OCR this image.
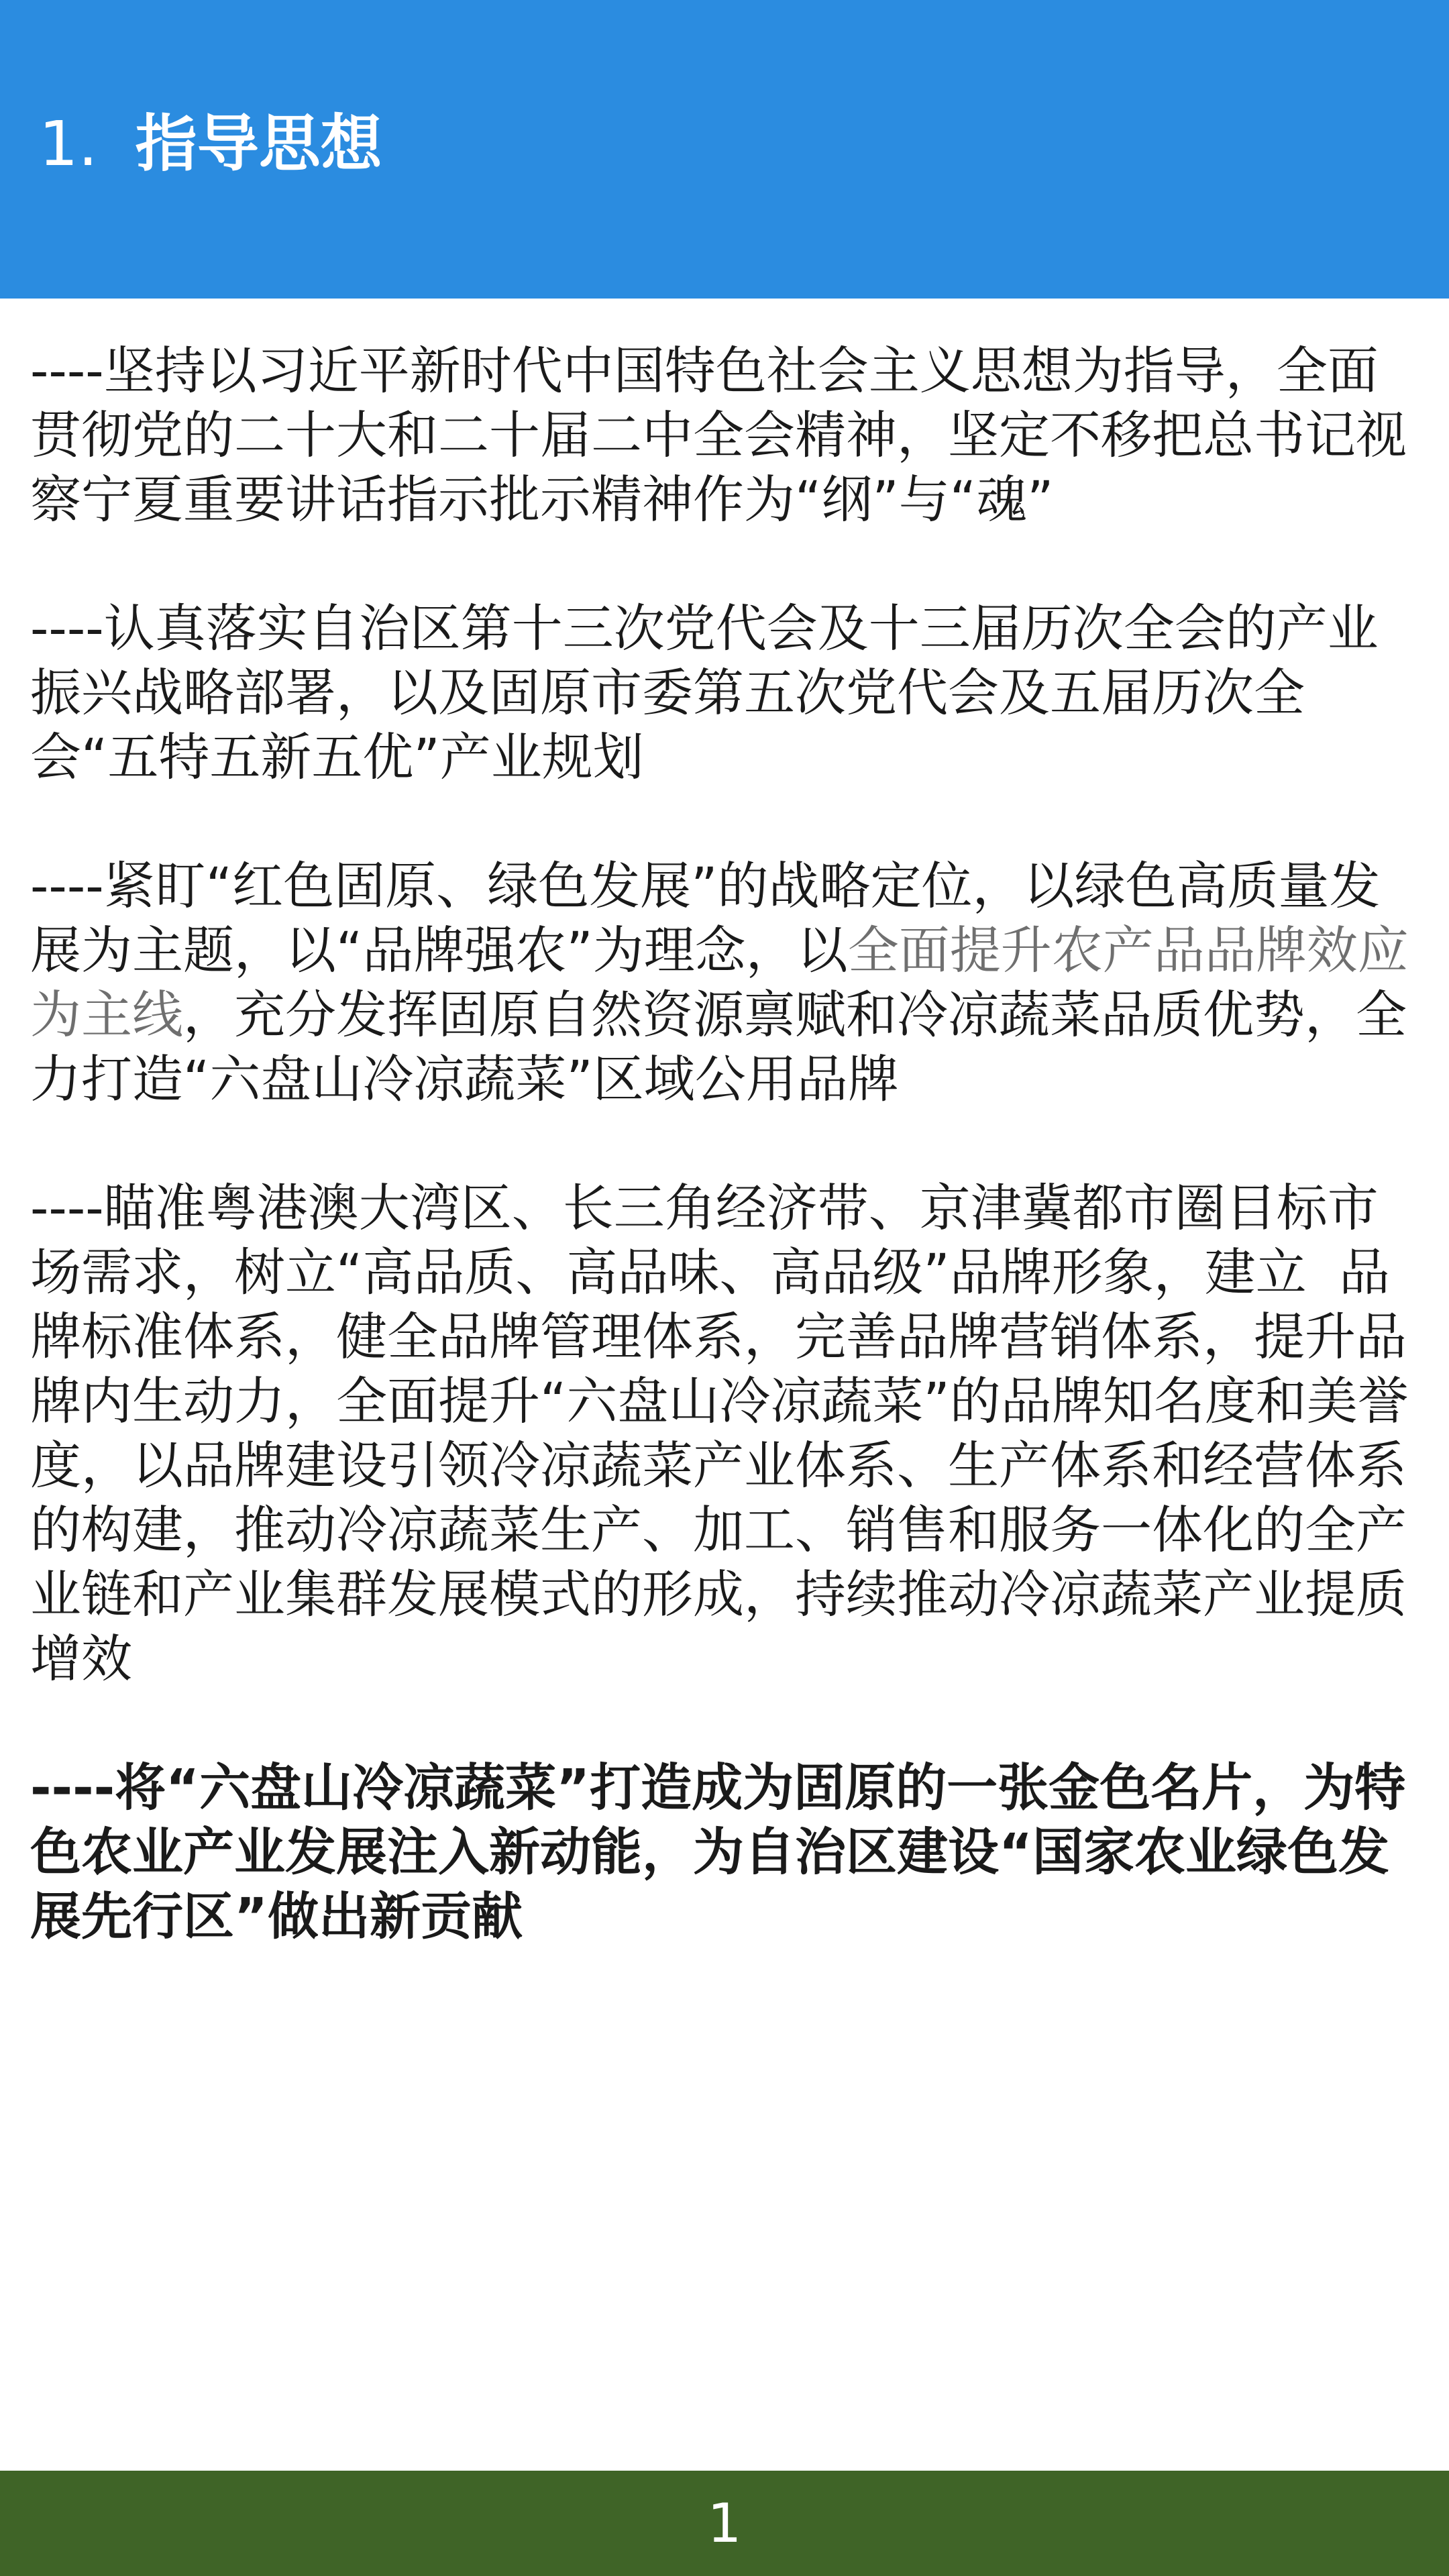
1. 指导思想

----坚持以习近平新时代中国特色社会主义思想为指导，全面贯彻党的二十大和二十届二中全会精神，坚定不移把总书记视察宁夏重要讲话指示批示精神作为“纲”与“魂”

----认真落实自治区第十三次党代会及十三届历次全会的产业振兴战略部署，以及固原市委第五次党代会及五届历次全会“五特五新五优”产业规划

----紧盯“红色固原、绿色发展”的战略定位，以绿色高质量发展为主题，以“品牌强农”为理念，以全面提升农产品品牌效应为主线，充分发挥固原自然资源禀赋和冷凉蔬菜品质优势，全力打造“六盘山冷凉蔬菜”区域公用品牌

----瞄准粤港澳大湾区、长三角经济带、京津冀都市圈目标市场需求，树立“高品质、高品味、高品级”品牌形象，建立  品牌标准体系，健全品牌管理体系，完善品牌营销体系，提升品牌内生动力，全面提升“六盘山冷凉蔬菜”的品牌知名度和美誉度，以品牌建设引领冷凉蔬菜产业体系、生产体系和经营体系的构建，推动冷凉蔬菜生产、加工、销售和服务一体化的全产业链和产业集群发展模式的形成，持续推动冷凉蔬菜产业提质增效

----将“六盘山冷凉蔬菜”打造成为固原的一张金色名片，为特色农业产业发展注入新动能，为自治区建设“国家农业绿色发展先行区”做出新贡献

1
